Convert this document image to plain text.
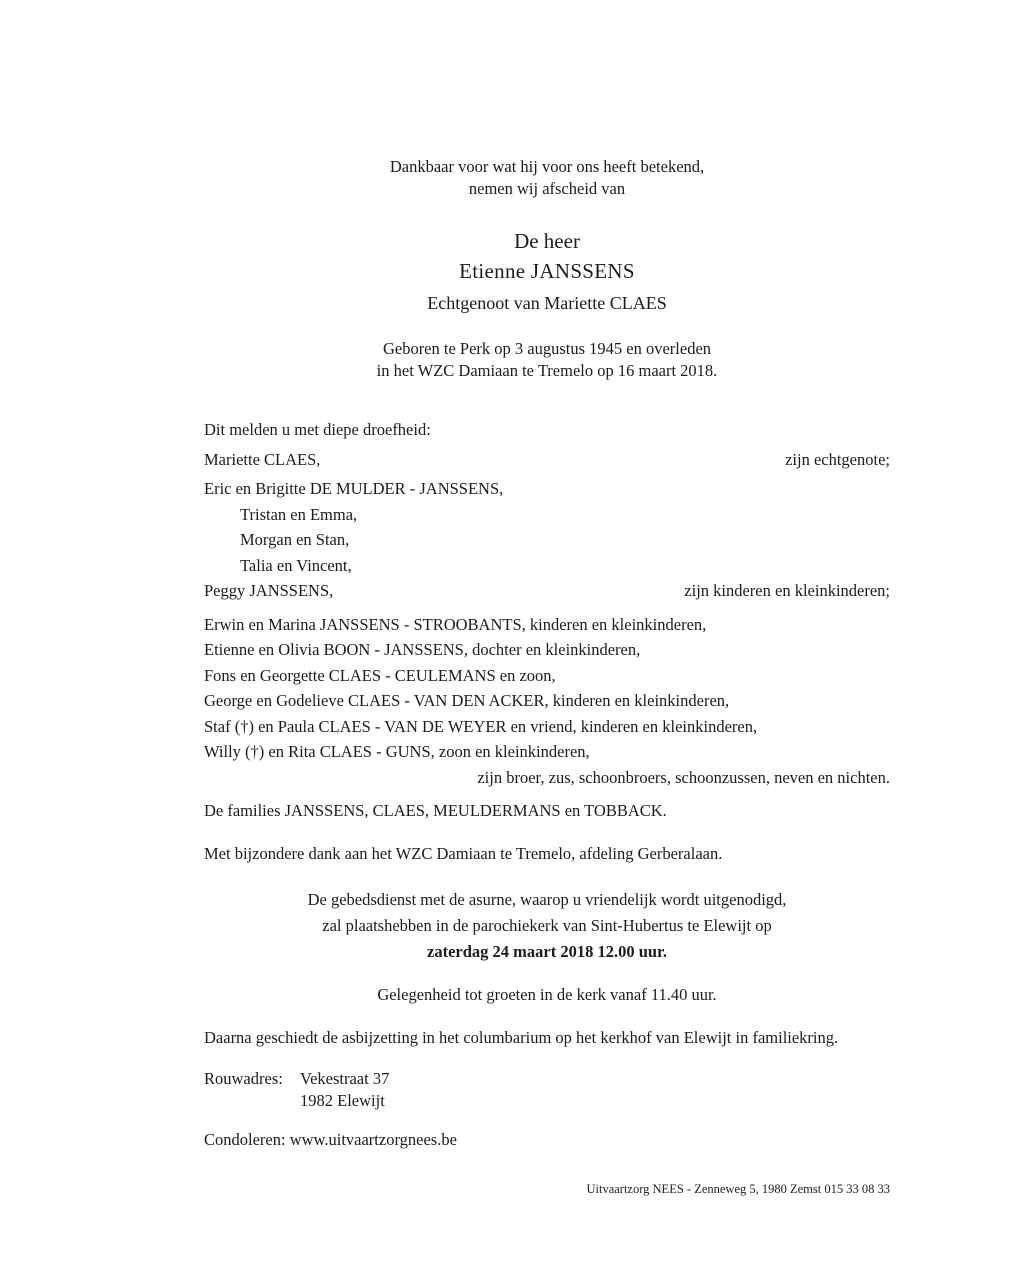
Dankbaar voor wat hij voor ons heeft betekend,
nemen wij afscheid van
De heer
Etienne JANSSENS
Echtgenoot van Mariette CLAES
Geboren te Perk op 3 augustus 1945 en overleden
in het WZC Damiaan te Tremelo op 16 maart 2018.
Dit melden u met diepe droefheid:
Mariette CLAES,	zijn echtgenote;
Eric en Brigitte DE MULDER - JANSSENS,
Tristan en Emma,
Morgan en Stan,
Talia en Vincent,
Peggy JANSSENS,	zijn kinderen en kleinkinderen;
Erwin en Marina JANSSENS - STROOBANTS, kinderen en kleinkinderen,
Etienne en Olivia BOON - JANSSENS, dochter en kleinkinderen,
Fons en Georgette CLAES - CEULEMANS en zoon,
George en Godelieve CLAES - VAN DEN ACKER, kinderen en kleinkinderen,
Staf (†) en Paula CLAES - VAN DE WEYER en vriend, kinderen en kleinkinderen,
Willy (†) en Rita CLAES - GUNS, zoon en kleinkinderen,
zijn broer, zus, schoonbroers, schoonzussen, neven en nichten.
De families JANSSENS, CLAES, MEULDERMANS en TOBBACK.
Met bijzondere dank aan het WZC Damiaan te Tremelo, afdeling Gerberalaan.
De gebedsdienst met de asurne, waarop u vriendelijk wordt uitgenodigd,
zal plaatshebben in de parochiekerk van Sint-Hubertus te Elewijt op
zaterdag 24 maart 2018 12.00 uur.
Gelegenheid tot groeten in de kerk vanaf 11.40 uur.
Daarna geschiedt de asbijzetting in het columbarium op het kerkhof van Elewijt in familiekring.
Rouwadres:	Vekestraat 37
1982 Elewijt
Condoleren: www.uitvaartzorgnees.be
Uitvaartzorg NEES - Zenneweg 5, 1980 Zemst 015 33 08 33
